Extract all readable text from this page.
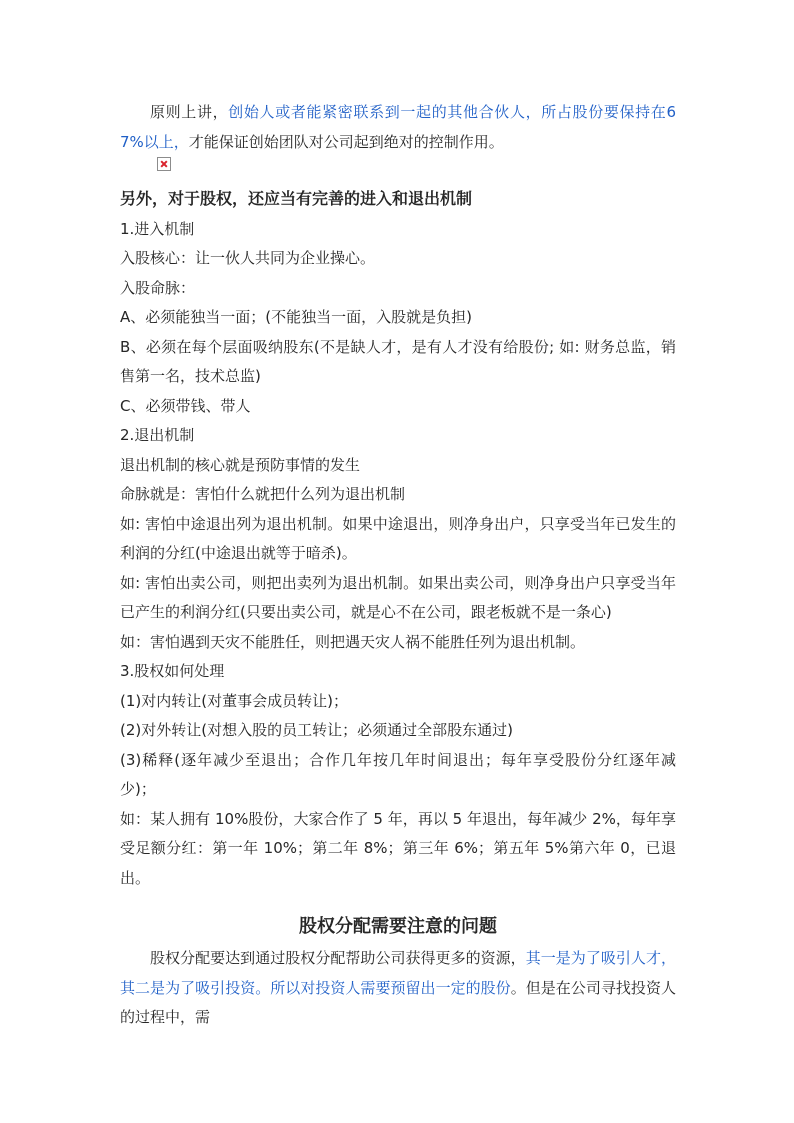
原则上讲，创始人或者能紧密联系到一起的其他合伙人，所占股份要保持在67%以上，才能保证创始团队对公司起到绝对的控制作用。

另外，对于股权，还应当有完善的进入和退出机制

1.进入机制

入股核心：让一伙人共同为企业操心。

入股命脉：

A、必须能独当一面；(不能独当一面，入股就是负担)

B、必须在每个层面吸纳股东(不是缺人才，是有人才没有给股份; 如: 财务总监，销售第一名，技术总监)

C、必须带钱、带人

2.退出机制

退出机制的核心就是预防事情的发生

命脉就是：害怕什么就把什么列为退出机制

如: 害怕中途退出列为退出机制。如果中途退出，则净身出户，只享受当年已发生的利润的分红(中途退出就等于暗杀)。

如: 害怕出卖公司，则把出卖列为退出机制。如果出卖公司，则净身出户只享受当年已产生的利润分红(只要出卖公司，就是心不在公司，跟老板就不是一条心)

如：害怕遇到天灾不能胜任，则把遇天灾人祸不能胜任列为退出机制。

3.股权如何处理

(1)对内转让(对董事会成员转让)；

(2)对外转让(对想入股的员工转让；必须通过全部股东通过)

(3)稀释(逐年减少至退出；合作几年按几年时间退出；每年享受股份分红逐年减少)；

如：某人拥有 10%股份，大家合作了 5 年，再以 5 年退出，每年减少 2%，每年享受足额分红：第一年 10%；第二年 8%；第三年 6%；第五年 5%第六年 0，已退出。

股权分配需要注意的问题

股权分配要达到通过股权分配帮助公司获得更多的资源，其一是为了吸引人才，其二是为了吸引投资。所以对投资人需要预留出一定的股份。但是在公司寻找投资人的过程中，需
